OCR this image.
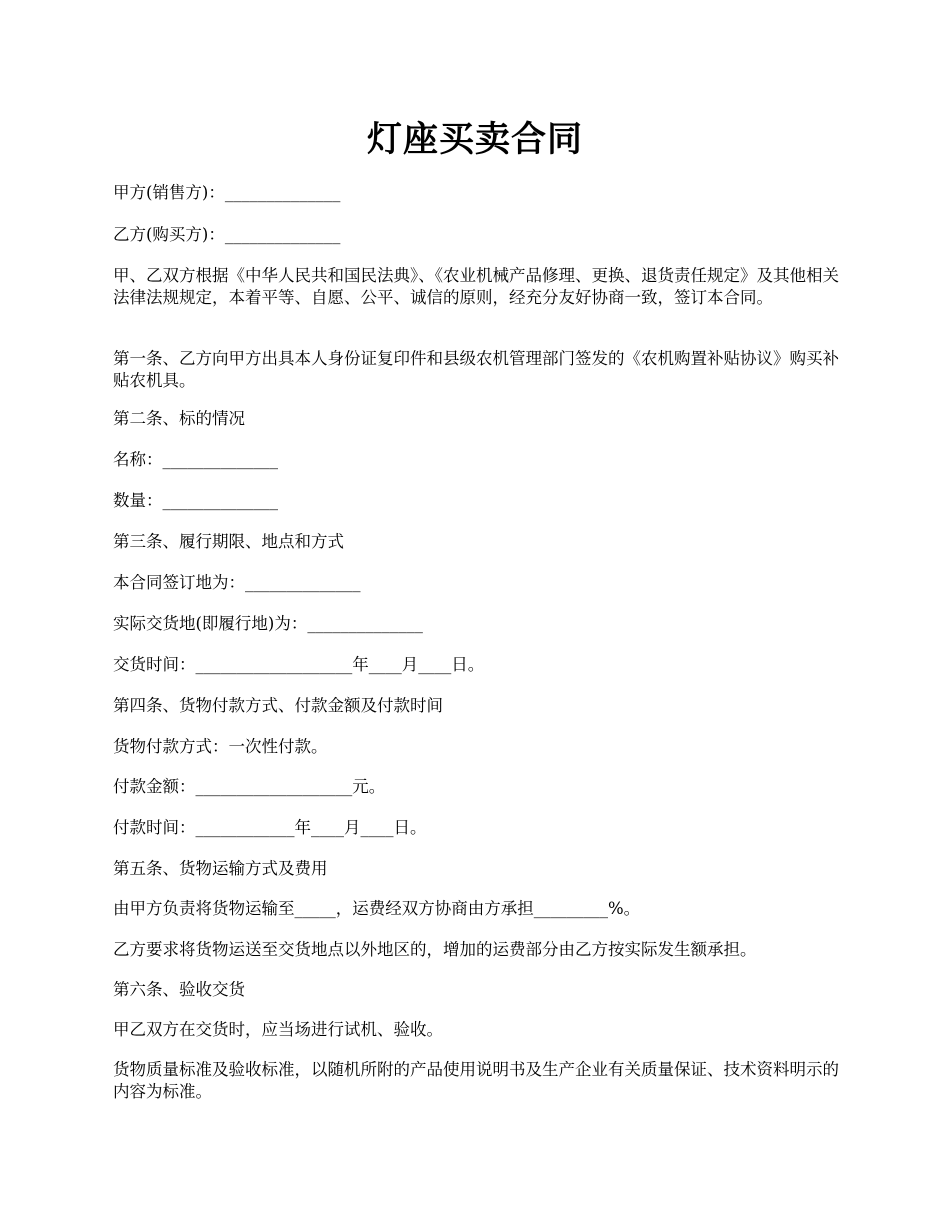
灯座买卖合同
甲方(销售方)：______________
乙方(购买方)：______________
甲、乙双方根据《中华人民共和国民法典》、《农业机械产品修理、更换、退货责任规定》及其他相关法律法规规定，本着平等、自愿、公平、诚信的原则，经充分友好协商一致，签订本合同。
第一条、乙方向甲方出具本人身份证复印件和县级农机管理部门签发的《农机购置补贴协议》购买补贴农机具。
第二条、标的情况
名称：______________
数量：______________
第三条、履行期限、地点和方式
本合同签订地为：______________
实际交货地(即履行地)为：______________
交货时间：___________________年____月____日。
第四条、货物付款方式、付款金额及付款时间
货物付款方式：一次性付款。
付款金额：___________________元。
付款时间：____________年____月____日。
第五条、货物运输方式及费用
由甲方负责将货物运输至_____，运费经双方协商由方承担_________%。
乙方要求将货物运送至交货地点以外地区的，增加的运费部分由乙方按实际发生额承担。
第六条、验收交货
甲乙双方在交货时，应当场进行试机、验收。
货物质量标准及验收标准，以随机所附的产品使用说明书及生产企业有关质量保证、技术资料明示的内容为标准。
